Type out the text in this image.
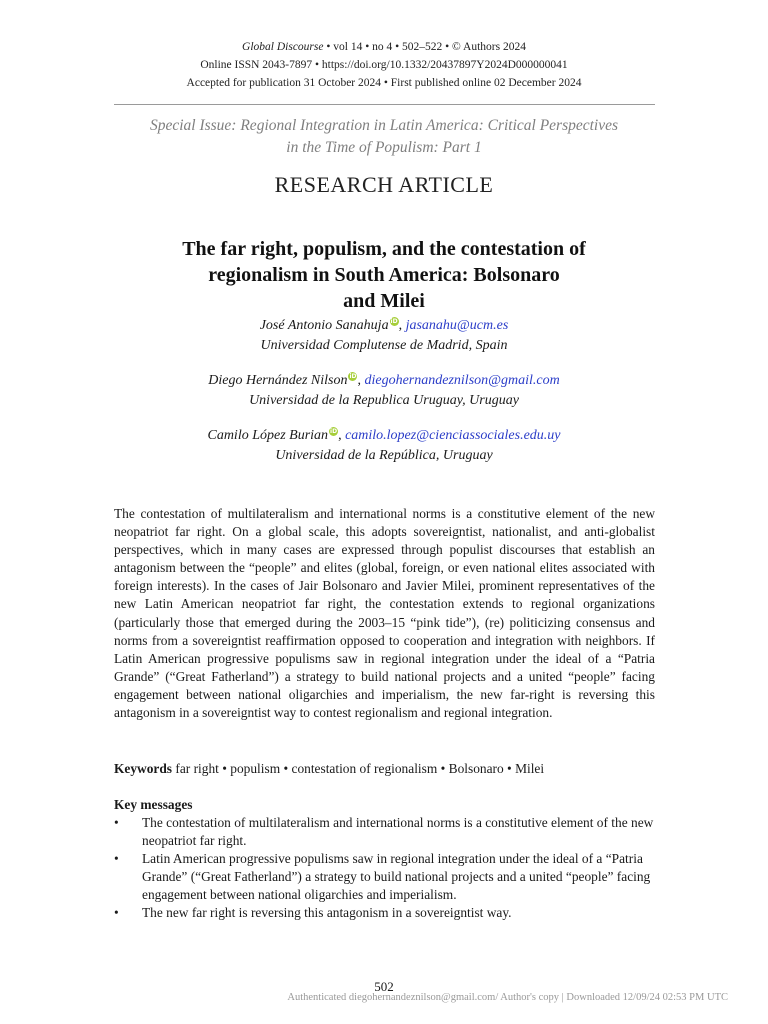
Global Discourse • vol 14 • no 4 • 502–522 • © Authors 2024
Online ISSN 2043-7897 • https://doi.org/10.1332/20437897Y2024D000000041
Accepted for publication 31 October 2024 • First published online 02 December 2024
Special Issue: Regional Integration in Latin America: Critical Perspectives
in the Time of Populism: Part 1
RESEARCH ARTICLE
The far right, populism, and the contestation of
regionalism in South America: Bolsonaro
and Milei
José Antonio Sanahuja iD, jasanahu@ucm.es
Universidad Complutense de Madrid, Spain
Diego Hernández Nilson iD, diegohernandeznilson@gmail.com
Universidad de la Republica Uruguay, Uruguay
Camilo López Burian iD, camilo.lopez@cienciassociales.edu.uy
Universidad de la República, Uruguay
The contestation of multilateralism and international norms is a constitutive element of the new neopatriot far right. On a global scale, this adopts sovereigntist, nationalist, and anti-globalist perspectives, which in many cases are expressed through populist discourses that establish an antagonism between the “people” and elites (global, foreign, or even national elites associated with foreign interests). In the cases of Jair Bolsonaro and Javier Milei, prominent representatives of the new Latin American neopatriot far right, the contestation extends to regional organizations (particularly those that emerged during the 2003–15 “pink tide”), (re) politicizing consensus and norms from a sovereigntist reaffirmation opposed to cooperation and integration with neighbors. If Latin American progressive populisms saw in regional integration under the ideal of a “Patria Grande” (“Great Fatherland”) a strategy to build national projects and a united “people” facing engagement between national oligarchies and imperialism, the new far-right is reversing this antagonism in a sovereigntist way to contest regionalism and regional integration.
Keywords far right • populism • contestation of regionalism • Bolsonaro • Milei
Key messages
• The contestation of multilateralism and international norms is a constitutive element of the new neopatriot far right.
• Latin American progressive populisms saw in regional integration under the ideal of a “Patria Grande” (“Great Fatherland”) a strategy to build national projects and a united “people” facing engagement between national oligarchies and imperialism.
• The new far right is reversing this antagonism in a sovereigntist way.
502
Authenticated diegohernandeznilson@gmail.com/ Author's copy | Downloaded 12/09/24 02:53 PM UTC
